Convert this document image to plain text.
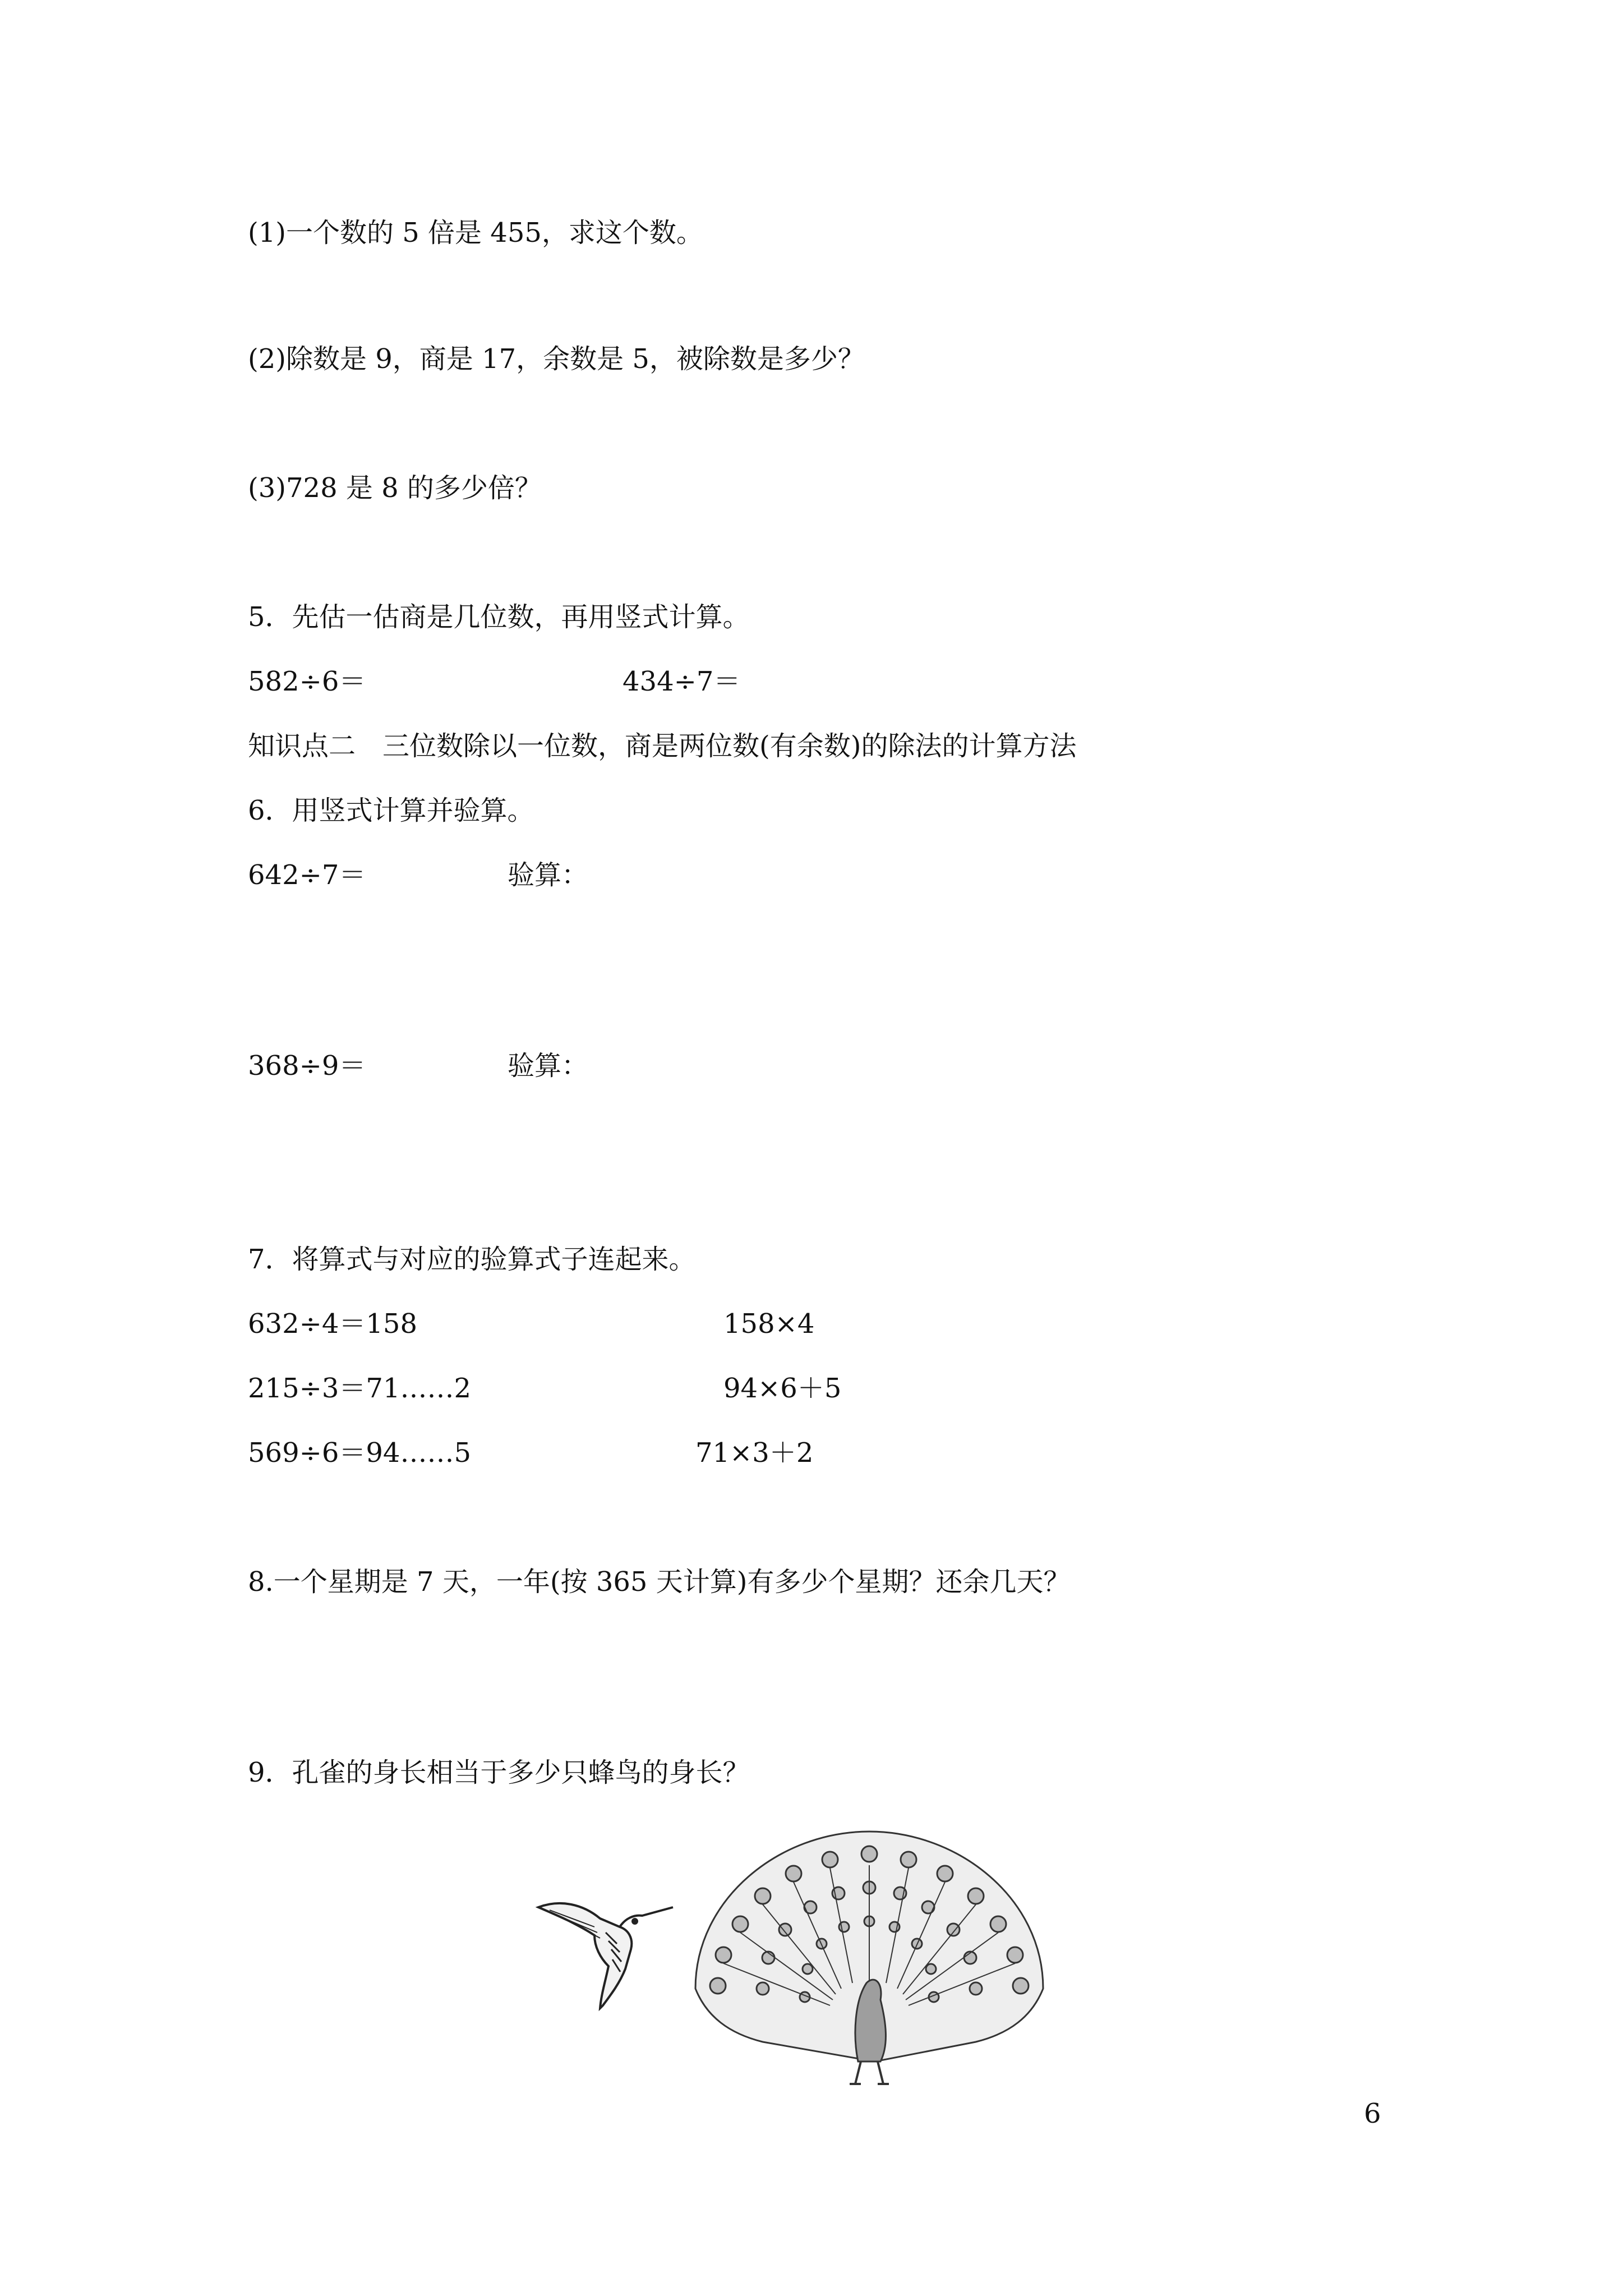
(1)一个数的 5 倍是 455，求这个数。
(2)除数是 9，商是 17，余数是 5，被除数是多少？
(3)728 是 8 的多少倍？
5．先估一估商是几位数，再用竖式计算。
582÷6＝	434÷7＝
知识点二　三位数除以一位数，商是两位数(有余数)的除法的计算方法
6．用竖式计算并验算。
642÷7＝	验算：
368÷9＝	验算：
7．将算式与对应的验算式子连起来。
632÷4＝158	158×4
215÷3＝71……2	94×6＋5
569÷6＝94……5	71×3＋2
8.一个星期是 7 天，一年(按 365 天计算)有多少个星期？还余几天？
9．孔雀的身长相当于多少只蜂鸟的身长？
6
